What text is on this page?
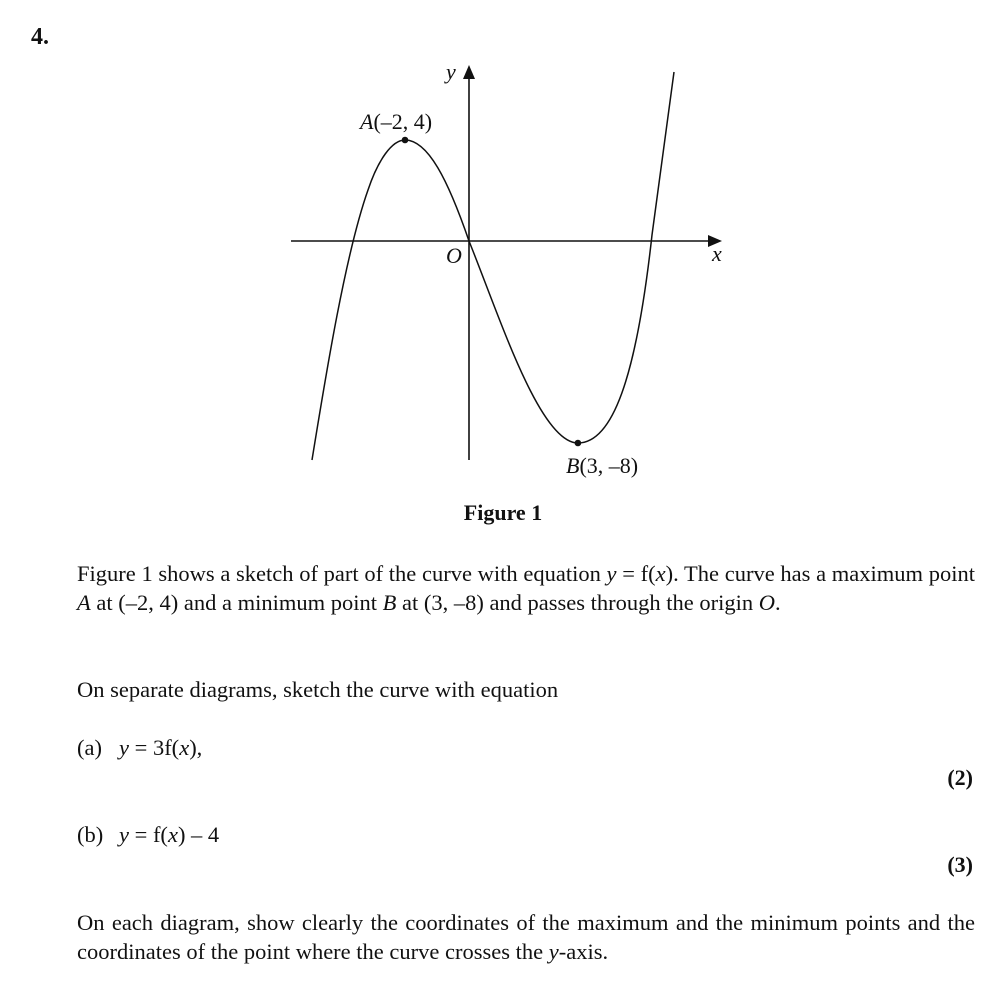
4.
y
x
O
A(–2, 4)
B(3, –8)
Figure 1
Figure 1 shows a sketch of part of the curve with equation y = f(x). The curve has a maximum point A at (–2, 4) and a minimum point B at (3, –8) and passes through the origin O.
On separate diagrams, sketch the curve with equation
(a) y = 3f(x),
(2)
(b) y = f(x) – 4
(3)
On each diagram, show clearly the coordinates of the maximum and the minimum points and the coordinates of the point where the curve crosses the y-axis.
